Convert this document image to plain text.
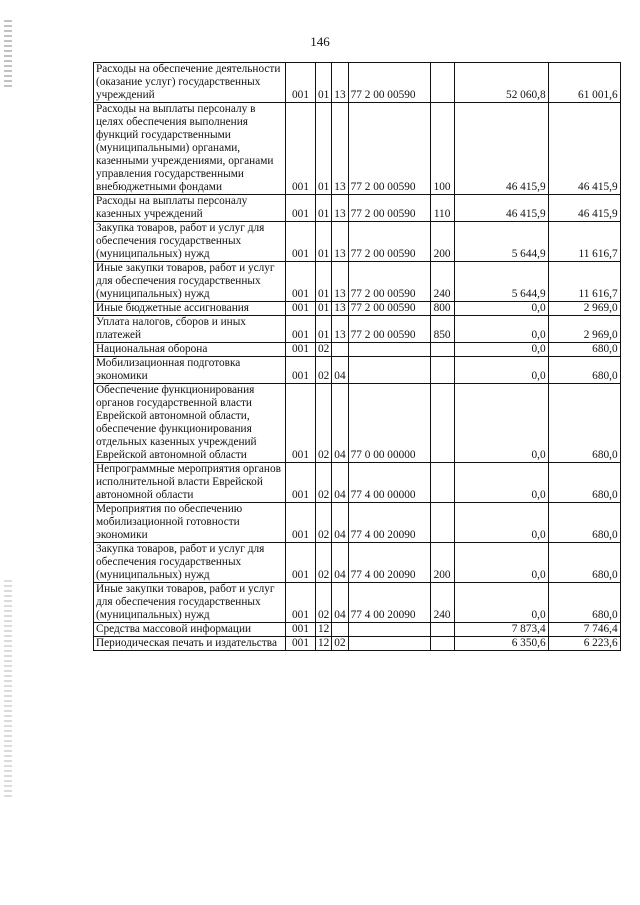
146
Расходы на обеспечение деятельности (оказание услуг) государственных учреждений	001	01	13	77 2 00 00590		52 060,8	61 001,6
Расходы на выплаты персоналу в целях обеспечения выполнения функций государственными (муниципальными) органами, казенными учреждениями, органами управления государственными внебюджетными фондами	001	01	13	77 2 00 00590	100	46 415,9	46 415,9
Расходы на выплаты персоналу казенных учреждений	001	01	13	77 2 00 00590	110	46 415,9	46 415,9
Закупка товаров, работ и услуг для обеспечения государственных (муниципальных) нужд	001	01	13	77 2 00 00590	200	5 644,9	11 616,7
Иные закупки товаров, работ и услуг для обеспечения государственных (муниципальных) нужд	001	01	13	77 2 00 00590	240	5 644,9	11 616,7
Иные бюджетные ассигнования	001	01	13	77 2 00 00590	800	0,0	2 969,0
Уплата налогов, сборов и иных платежей	001	01	13	77 2 00 00590	850	0,0	2 969,0
Национальная оборона	001	02				0,0	680,0
Мобилизационная подготовка экономики	001	02	04			0,0	680,0
Обеспечение функционирования органов государственной власти Еврейской автономной области, обеспечение функционирования отдельных казенных учреждений Еврейской автономной области	001	02	04	77 0 00 00000		0,0	680,0
Непрограммные мероприятия органов исполнительной власти Еврейской автономной области	001	02	04	77 4 00 00000		0,0	680,0
Мероприятия по обеспечению мобилизационной готовности экономики	001	02	04	77 4 00 20090		0,0	680,0
Закупка товаров, работ и услуг для обеспечения государственных (муниципальных) нужд	001	02	04	77 4 00 20090	200	0,0	680,0
Иные закупки товаров, работ и услуг для обеспечения государственных (муниципальных) нужд	001	02	04	77 4 00 20090	240	0,0	680,0
Средства массовой информации	001	12				7 873,4	7 746,4
Периодическая печать и издательства	001	12	02			6 350,6	6 223,6
